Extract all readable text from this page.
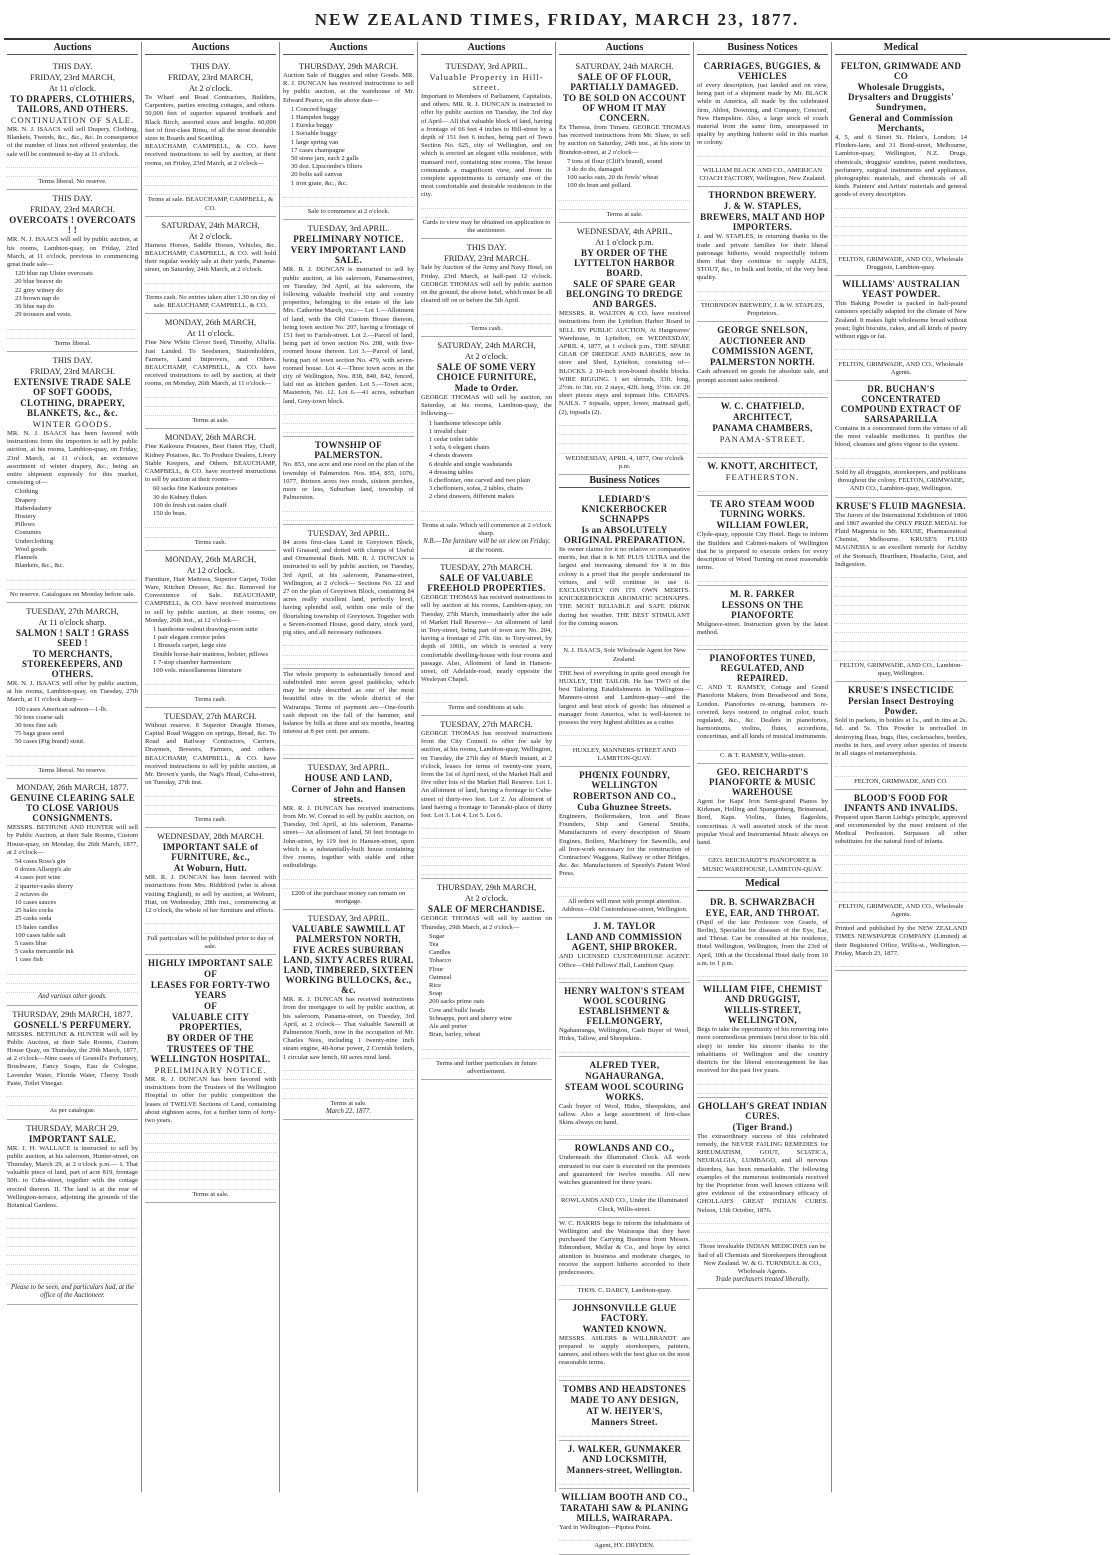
NEW ZEALAND TIMES, FRIDAY, MARCH 23, 1877.
Auctions
THIS DAY.
FRIDAY, 23rd MARCH,
At 11 o'clock.
TO DRAPERS, CLOTHIERS, TAILORS, AND OTHERS.
CONTINUATION OF SALE.

MR. N. J. ISAACS will sell Drapery, Clothing, Blankets, Tweeds, &c., &c., &c. In consequence of the number of lines not offered yesterday, the sale will be continued to-day at 11 o'clock.

Terms liberal. No reserve.
THIS DAY.
FRIDAY, 23rd MARCH.
OVERCOATS ! OVERCOATS ! !

MR. N. J. ISAACS will sell by public auction, at his rooms, Lambton-quay, on Friday, 23rd March, at 11 o'clock, previous to commencing great trade sale—

120 blue rap Ulster overcoats
20 blue beaver do
22 grey witney do
23 brown nap do
36 blue nap do
29 trousers and vests.
Terms liberal.
THIS DAY.
FRIDAY, 23rd MARCH.
EXTENSIVE TRADE SALE OF SOFT GOODS,
CLOTHING, DRAPERY, BLANKETS, &c., &c.
WINTER GOODS.

MR. N. J. ISAACS has been favored with instructions from the importers to sell by public auction, at his rooms, Lambton-quay, on Friday, 23rd March, at 11 o'clock, an extensive assortment of winter drapery, &c., being an entire shipment expressly for this market, consisting of—

Clothing
Drapery
Haberdashery
Hosiery
Pillows
Costumes
Underclothing
Wool goods
Flannels
Blankets, &c., &c.
No reserve. Catalogues on Monday before sale.
TUESDAY, 27th MARCH,
At 11 o'clock sharp.
SALMON ! SALT ! GRASS SEED !
TO MERCHANTS, STOREKEEPERS, AND OTHERS.

MR. N. J. ISAACS will offer by public auction, at his rooms, Lambton-quay, on Tuesday, 27th March, at 11 o'clock sharp—

100 cases American salmon—1-lb.
50 tons coarse salt
30 tons fine salt
75 bags grass seed
50 cases (Pig brand) stout.
Terms liberal. No reserve.
MONDAY, 26th MARCH, 1877.
GENUINE CLEARING SALE TO CLOSE VARIOUS CONSIGNMENTS.

MESSRS. BETHUNE AND HUNTER will sell by Public Auction, at their Sale Rooms, Custom House-quay, on Monday, the 26th March, 1877, at 2 o'clock—

54 cases Ross's gin
6 dozen Allsopp's ale
4 cases port wine
2 quarter-casks sherry
2 octaves do
10 cases sauces
25 bales cocks
25 casks soda
15 bales candles
100 cases table salt
5 cases blue
5 casks mercantile ink
1 case fish
And various other goods.
THURSDAY, 29th MARCH, 1877.
GOSNELL'S PERFUMERY.

MESSRS. BETHUNE & HUNTER will sell by Public Auction, at their Sale Rooms, Custom House Quay, on Thursday, the 29th March, 1877, at 2 o'clock—Nine cases of Gosnell's Perfumery, Brushware, Fancy Soaps, Eau de Cologne, Lavender Water, Florida Water, Cherry Tooth Paste, Toilet Vinegar.

As per catalogue.
THURSDAY, MARCH 29.
IMPORTANT SALE.

MR. J. H. WALLACE is instructed to sell by public auction, at his saleroom, Hunter-street, on Thursday, March 29, at 2 o'clock p.m.— I. That valuable piece of land, part of acre 819, frontage 50ft. to Cuba-street, together with the cottage erected thereon. II. The land is at the rear of Wellington-terrace, adjoining the grounds of the Botanical Gardens.

Please to be seen, and particulars had, at the office of the Auctioneer.
Auctions
THIS DAY.
FRIDAY, 23rd MARCH,
At 2 o'clock.

To Wharf and Road Contractors, Builders, Carpenters, parties erecting cottages, and others. 50,000 feet of superior squared ironbark and Black Birch, assorted sizes and lengths. 60,000 feet of first-class Rimu, of all the most desirable sizes in Boards and Scantling.

BEAUCHAMP, CAMPBELL, & CO. have received instructions to sell by auction, at their rooms, on Friday, 23rd March, at 2 o'clock—

Terms at sale. BEAUCHAMP, CAMPBELL, & CO.
SATURDAY, 24th MARCH,
At 2 o'clock.

Harness Horses, Saddle Horses, Vehicles, &c. BEAUCHAMP, CAMPBELL, & CO. will hold their regular weekly sale at their yards, Panama-street, on Saturday, 24th March, at 2 o'clock.

Terms cash. No entries taken after 1.30 on day of sale. BEAUCHAMP, CAMPBELL, & CO.
MONDAY, 26th MARCH,
At 11 o'clock.

Fine New White Clover Seed, Timothy, Alfalfa. Just Landed. To Seedsmen, Stationholders, Farmers, Land Improvers, and Others. BEAUCHAMP, CAMPBELL, & CO. have received instructions to sell by auction, at their rooms, on Monday, 26th March, at 11 o'clock—

Terms at sale.
MONDAY, 26th MARCH.

Fine Kaikoura Potatoes, Best Oaten Hay, Chaff, Kidney Potatoes, &c. To Produce Dealers, Livery Stable Keepers, and Others. BEAUCHAMP, CAMPBELL, & CO. have received instructions to sell by auction at their rooms—

60 sacks fine Kaikoura potatoes
30 do Kidney flukes
100 do fresh cut oaten chaff
150 do bran.
Terms cash.
MONDAY, 26th MARCH,
At 12 o'clock.

Furniture, Hair Mattress, Superior Carpet, Toilet Ware, Kitchen Dresser, &c. &c. Removed for Convenience of Sale. BEAUCHAMP, CAMPBELL, & CO. have received instructions to sell by public auction, at their rooms, on Monday, 26th inst., at 12 o'clock—

1 handsome walnut drawing-room suite
1 pair elegant cornice poles
1 Brussels carpet, large size
Double horse-hair mattress, bolster, pillows
1 7-stop chamber harmonium
100 vols. miscellaneous literature
Terms cash.
TUESDAY, 27th MARCH.

Without reserve. 8 Superior Draught Horses, Capital Road Waggon on springs, Bread, &c. To Road and Railway Contractors, Carriers, Draymen, Brewers, Farmers, and others. BEAUCHAMP, CAMPBELL, & CO. have received instructions to sell by public auction, at Mr. Brown's yards, the Nag's Head, Cuba-street, on Tuesday, 27th inst.

Terms cash.
WEDNESDAY, 28th MARCH.
IMPORTANT SALE of FURNITURE, &c.,
At Woburn, Hutt.

MR. R. J. DUNCAN has been favored with instructions from Mrs. Riddiford (who is about visiting England), to sell by auction, at Woburn, Hutt, on Wednesday, 28th inst., commencing at 12 o'clock, the whole of her furniture and effects.

Full particulars will be published prior to day of sale.
HIGHLY IMPORTANT SALE
OF
LEASES FOR FORTY-TWO YEARS
OF
VALUABLE CITY PROPERTIES,
BY ORDER OF THE
TRUSTEES OF THE WELLINGTON HOSPITAL.
PRELIMINARY NOTICE.

MR. R. J. DUNCAN has been favored with instructions from the Trustees of the Wellington Hospital to offer for public competition the leases of TWELVE Sections of Land, containing about eighteen acres, for a further term of forty-two years.

Terms at sale.
Auctions
THURSDAY, 29th MARCH.

Auction Sale of Buggies and other Goods. MR. R. J. DUNCAN has received instructions to sell by public auction, at the warehouse of Mr. Edward Pearce, on the above date—

1 Concord buggy
1 Hampden buggy
1 Eureka buggy
1 Sociable buggy
1 large spring van
17 cases champagne
50 stone jars, each 2 galls
30 doz. Lipscombe's filters
20 bolts sail canvas
1 iron grate, &c., &c.
Sale to commence at 2 o'clock.
TUESDAY, 3rd APRIL.
PRELIMINARY NOTICE.
VERY IMPORTANT LAND SALE.

MR. R. J. DUNCAN is instructed to sell by public auction, at his saleroom, Panama-street, on Tuesday, 3rd April, at his saleroom, the following valuable freehold city and country properties, belonging to the estate of the late Mrs. Catherine March, viz.:— Lot 1.—Allotment of land, with the Old Custom House thereon, being town section No. 207, having a frontage of 151 feet to Farish-street. Lot 2.—Parcel of land, being part of town section No. 208, with five-roomed house thereon. Lot 3.—Parcel of land, being part of town section No. 479, with seven-roomed house. Lot 4.—Three town acres in the city of Wellington, Nos. 838, 840, 842, fenced, laid out as kitchen garden. Lot 5.—Town acre, Masterton, No. 12. Lot 6.—41 acres, suburban land, Grey-town block.

TOWNSHIP OF PALMERSTON.

No. 853, one acre and one rood on the plan of the township of Palmerston. Nos. 854, 855, 1076, 1077, thirteen acres two roods, sixteen perches, more or less, Suburban land, township of Palmerston.

TUESDAY, 3rd APRIL.

84 acres first-class Land in Greytown Block, well Grassed, and dotted with clumps of Useful and Ornamental Bush. MR. R. J. DUNCAN is instructed to sell by public auction, on Tuesday, 3rd April, at his saleroom, Panama-street, Wellington, at 2 o'clock— Sections No. 22 and 27 on the plan of Greytown Block, containing 84 acres really excellent land, perfectly level, having splendid soil, within one mile of the flourishing township of Greytown. Together with a Seven-roomed House, good dairy, stock yard, pig sties, and all necessary outhouses.

The whole property is substantially fenced and subdivided into seven good paddocks, which may be truly described as one of the most beautiful sites in the whole district of the Wairarapa. Terms of payment are—One-fourth cash deposit on the fall of the hammer, and balance by bills at three and six months, bearing interest at 8 per cent. per annum.

TUESDAY, 3rd APRIL.
HOUSE AND LAND,
Corner of John and Hansen streets.

MR. R. J. DUNCAN has received instructions from Mr. W. Conrad to sell by public auction, on Tuesday, 3rd April, at his saleroom, Panama-street— An allotment of land, 50 feet frontage to John-street, by 119 feet to Hansen-street, upon which is a substantially-built house containing five rooms, together with stable and other outbuildings.

£200 of the purchase money can remain on mortgage.
TUESDAY, 3rd APRIL.
VALUABLE SAWMILL AT PALMERSTON NORTH,
FIVE ACRES SUBURBAN LAND, SIXTY ACRES RURAL LAND, TIMBERED, SIXTEEN WORKING BULLOCKS, &c., &c.

MR. R. J. DUNCAN has received instructions from the mortgagee to sell by public auction, at his saleroom, Panama-street, on Tuesday, 3rd April, at 2 o'clock— That valuable Sawmill at Palmerston North, now in the occupation of Mr. Charles Nees, including 1 twenty-nine inch steam engine, 40-horse power, 2 Cornish boilers, 1 circular saw bench, 60 acres rural land.

Terms at sale.
March 22, 1877.
Auctions
TUESDAY, 3rd APRIL.
Valuable Property in Hill-street.

Important to Members of Parliament, Capitalists, and others. MR. R. J. DUNCAN is instructed to offer by public auction on Tuesday, the 3rd day of April— All that valuable block of land, having a frontage of 66 feet 4 inches to Hill-street by a depth of 151 feet 6 inches, being part of Town Section No. 625, city of Wellington, and on which is erected an elegant villa residence, with mansard roof, containing nine rooms. The house commands a magnificent view, and from its complete appointments is certainly one of the most comfortable and desirable residences in the city.

Cards to view may be obtained on application to the auctioneer.
THIS DAY.
FRIDAY, 23rd MARCH.

Sale by Auction of the Army and Navy Hotel, on Friday, 23rd March, at half-past 12 o'clock. GEORGE THOMAS will sell by public auction on the ground, the above hotel, which must be all cleared off on or before the 5th April.

Terms cash.
SATURDAY, 24th MARCH,
At 2 o'clock.
SALE OF SOME VERY CHOICE FURNITURE,
Made to Order.

GEORGE THOMAS will sell by auction, on Saturday, at his rooms, Lambton-quay, the following—

1 handsome telescope table
1 invalid chair
1 cedar toilet table
1 sofa, 6 elegant chairs
4 chests drawers
6 double and single washstands
4 dressing tables
6 cheffonier, one carved and two plain
3 cheffoniers, sofas, 2 tables, chairs
2 chest drawers, different makes
Terms at sale. Which will commence at 2 o'clock sharp.
N.B.—The furniture will be on view on Friday, at the rooms.
TUESDAY, 27th MARCH.
SALE OF VALUABLE FREEHOLD PROPERTIES.

GEORGE THOMAS has received instructions to sell by auction at his rooms, Lambton-quay, on Tuesday, 27th March, immediately after the sale of Market Hall Reserve— An allotment of land in Tory-street, being part of town acre No. 204, having a frontage of 27ft. 6in. to Tory-street, by depth of 100ft., on which is erected a very comfortable dwelling-house with four rooms and passage. Also, Allotment of land in Hanson-street, off Adelaide-road, nearly opposite the Wesleyan Chapel.

Terms and conditions at sale.
TUESDAY, 27th MARCH.

GEORGE THOMAS has received instructions from the City Council to offer for sale by auction, at his rooms, Lambton-quay, Wellington, on Tuesday, the 27th day of March instant, at 2 o'clock, leases for terms of twenty-one years, from the 1st of April next, of the Market Hall and five other lots of the Market Hall Reserve. Lot 1. An allotment of land, having a frontage to Cuba-street of thirty-two feet. Lot 2. An allotment of land having a frontage to Taranaki-place of thirty feet. Lot 3. Lot 4. Lot 5. Lot 6.

THURSDAY, 29th MARCH,
At 2 o'clock.
SALE OF MERCHANDISE.

GEORGE THOMAS will sell by auction on Thursday, 29th March, at 2 o'clock—

Sugar
Tea
Candles
Tobacco
Flour
Oatmeal
Rice
Soap
200 sacks prime oats
Cow and bulls' heads
Schnapps, port and sherry wine
Ale and porter
Bran, barley, wheat
Terms and further particulars in future advertisement.
Auctions
SATURDAY, 24th MARCH.
SALE OF OF FLOUR, PARTIALLY DAMAGED.
TO BE SOLD ON ACCOUNT OF WHOM IT MAY CONCERN.

Ex Theresa, from Timaru. GEORGE THOMAS has received instructions from Mr. Shaw, to sell by auction on Saturday, 24th inst., at his store in Brandon-street, at 2 o'clock—

7 tons of flour (Cliff's brand), sound
3 do do do, damaged
100 sacks oats, 20 do fowls' wheat
100 do bran and pollard.
Terms at sale.
WEDNESDAY, 4th APRIL,
At 1 o'clock p.m.
BY ORDER OF THE LYTTELTON HARBOR BOARD.
SALE OF SPARE GEAR BELONGING TO DREDGE AND BARGES.

MESSRS. R. WALTON & CO. have received instructions from the Lyttelton Harbor Board to SELL BY PUBLIC AUCTION, At Hargreaves' Warehouse, in Lyttelton, on WEDNESDAY, APRIL 4, 1877, at 1 o'clock p.m., THE SPARE GEAR OF DREDGE AND BARGES, now in store and Shed, Lyttelton, consisting of— BLOCKS. 2 10-inch iron-bound double blocks. WIRE RIGGING. 1 set shrouds, 33ft. long, 2½in. to 3in. cir. 2 stays, 42ft. long, 3½in. cir. 20 short pieces stays and topmast lifts. CHAINS. NAILS. 7 topsails, upper, lower, mainsail gaff, (2), topsails (2).

WEDNESDAY, APRIL 4, 1877, One o'clock p.m.
Business Notices
LEDIARD'S KNICKERBOCKER SCHNAPPS
Is an ABSOLUTELY ORIGINAL PREPARATION.

Its owner claims for it no relative or comparative merits, but that it is NE PLUS ULTRA and the largest and increasing demand for it in this colony is a proof that the people understand its virtues, and will continue to use it. EXCLUSIVELY ON ITS OWN MERITS. KNICKERBOCKER AROMATIC SCHNAPPS. THE MOST RELIABLE and SAFE DRINK during hot weather. THE BEST STIMULANT for the coming season.

N. J. ISAACS, Sole Wholesale Agent for New Zealand.

THE best of everything in quite good enough for HUXLEY, THE TAILOR. He has TWO of the best Tailoring Establishments in Wellington—Manners-street and Lambton-quay—and the largest and best stock of goods; has obtained a manager from America, who is well-known to possess the very highest abilities as a cutter.

HUXLEY, MANNERS-STREET AND LAMBTON-QUAY.
PHŒNIX FOUNDRY, WELLINGTON
ROBERTSON AND CO.,
Cuba Ghuznee Streets.

Engineers, Boilermakers, Iron and Brass Founders, Ship and General Smiths, Manufacturers of every description of Steam Engines, Boilers, Machinery for Sawmills, and all Iron-work necessary for the construction of Contractors' Waggons, Railway or other Bridges, &c. &c. Manufacturers of Speedy's Patent Wool Press.

All orders will meet with prompt attention. Address—Old Customhouse-street, Wellington.
J. M. TAYLOR
LAND AND COMMISSION AGENT, SHIP BROKER.

AND LICENSED CUSTOMHOUSE AGENT. Office—Odd Fellows' Hall, Lambton Quay.

HENRY WALTON'S STEAM WOOL SCOURING ESTABLISHMENT & FELLMONGERY,

Ngahauranga, Wellington, Cash Buyer of Wool, Hides, Tallow, and Sheepskins.

ALFRED TYER,
NGAHAURANGA,
STEAM WOOL SCOURING WORKS.

Cash buyer of Wool, Hides, Sheepskins, and tallow. Also a large assortment of first-class Skins always on hand.

ROWLANDS AND CO.,

Underneath the Illuminated Clock. All work entrusted to our care is executed on the premises and guaranteed for twelve months. All new watches guaranteed for three years.

ROWLANDS AND CO., Under the Illuminated Clock, Willis-street.

W. C. HARRIS begs to inform the inhabitants of Wellington and the Wairarapa that they have purchased the Carrying Business from Messrs. Edmondson, Mellar & Co., and hope by strict attention to business and moderate charges, to receive the support hitherto accorded to their predecessors.

THOS. C. DARCY, Lambton-quay.
JOHNSONVILLE GLUE FACTORY.
WANTED KNOWN.

MESSRS. AHLERS & WILLBRANDT are prepared to supply storekeepers, painters, tanners, and others with the best glue on the most reasonable terms.

TOMBS AND HEADSTONES
MADE TO ANY DESIGN,
AT W. HEIYER'S,
Manners Street.
J. WALKER, GUNMAKER AND LOCKSMITH,
Manners-street, Wellington.
WILLIAM BOOTH AND CO.,
TARATAHI SAW & PLANING MILLS, WAIRARAPA.

Yard in Wellington—Pipitea Point.

Agent, HY. DRYDEN.
Business Notices
CARRIAGES, BUGGIES, & VEHICLES

of every description, just landed and on view, being part of a shipment made by Mr. BLACK while in America, all made by the celebrated firm, Abbot, Downing, and Company, Concord, New Hampshire. Also, a large stock of coach material from the same firm, unsurpassed in quality by anything hitherto sold in this market or colony.

WILLIAM BLACK AND CO., AMERICAN COACH FACTORY, Wellington, New Zealand.
THORNDON BREWERY.
J. & W. STAPLES,
BREWERS, MALT AND HOP IMPORTERS.

J. and W. STAPLES, in returning thanks to the trade and private families for their liberal patronage hitherto, would respectfully inform them that they continue to supply ALES, STOUT, &c., in bulk and bottle, of the very best quality.

THORNDON BREWERY, J. & W. STAPLES, Proprietors.
GEORGE SNELSON,
AUCTIONEER AND COMMISSION AGENT,
PALMERSTON NORTH.

Cash advanced on goods for absolute sale, and prompt account sales rendered.

W. C. CHATFIELD,
ARCHITECT,
PANAMA CHAMBERS,
PANAMA-STREET.
W. KNOTT, ARCHITECT,
FEATHERSTON.
TE ARO STEAM WOOD TURNING WORKS.
WILLIAM FOWLER,

Clyde-quay, opposite City Hotel. Begs to inform the Builders and Cabinet-makers of Wellington that he is prepared to execute orders for every description of Wood Turning on most reasonable terms.

M. R. FARKER
LESSONS ON THE PIANOFORTE

Mulgrave-street. Instruction given by the latest method.

PIANOFORTES TUNED, REGULATED, AND REPAIRED.

C. AND T. RAMSEY, Cottage and Grand Pianoforte Makers, from Broadwood and Sons, London. Pianofortes re-strung, hammers re-covered, keys restored to original color, touch regulated, &c., &c. Dealers in pianofortes, harmoniums, violins, flutes, accordions, concertinas, and all kinds of musical instruments.

C. & T. RAMSEY, Willis-street.
GEO. REICHARDT'S PIANOFORTE & MUSIC WAREHOUSE

Agent for Kaps' Iron Semi-grand Pianos by Kirkman, Holling and Spangenberg, Brinsmead, Bord, Kaps. Violins, flutes, flageolets, concertinas. A well assorted stock of the most popular Vocal and Instrumental Music always on hand.

GEO. REICHARDT'S PIANOFORTE & MUSIC WAREHOUSE, LAMBTON-QUAY.
Medical
DR. B. SCHWARZBACH
EYE, EAR, AND THROAT.

(Pupil of the late Professor von Graefe, of Berlin), Specialist for diseases of the Eye, Ear, and Throat. Can be consulted at his residence, Hotel Wellington, Wellington, from the 23rd of April, 10th at the Occidental Hotel daily from 10 a.m. to 1 p.m.

WILLIAM FIFE, CHEMIST AND DRUGGIST,
WILLIS-STREET, WELLINGTON,

Begs to take the opportunity of his removing into more commodious premises (next door to his old shop) to tender his sincere thanks to the inhabitants of Wellington and the country districts for the liberal encouragement he has received for the past five years.

GHOLLAH'S GREAT INDIAN CURES.
(Tiger Brand.)

The extraordinary success of this celebrated remedy, the NEVER FAILING REMEDIES for RHEUMATISM, GOUT, SCIATICA, NEURALGIA, LUMBAGO, and all nervous disorders, has been remarkable. The following examples of the numerous testimonials received by the Proprietor from well known citizens will give evidence of the extraordinary efficacy of GHOLLAH'S GREAT INDIAN CURES. Nelson, 13th October, 1876.

Those invaluable INDIAN MEDICINES can be had of all Chemists and Storekeepers throughout New Zealand. W. & G. TURNBULL & CO., Wholesale Agents.
Trade purchasers treated liberally.
Medical
FELTON, GRIMWADE AND CO
Wholesale Druggists, Drysalters and Druggists' Sundrymen,
General and Commission Merchants,

4, 5, and 6 Street St. Helen's, London; 14 Flinders-lane, and 31 Bond-street, Melbourne, Lambton-quay, Wellington, N.Z. Drugs, chemicals, druggists' sundries, patent medicines, perfumery, surgical instruments and appliances, photographic materials, and chemicals of all kinds. Painters' and Artists' materials and general goods of every description.

FELTON, GRIMWADE, AND CO., Wholesale Druggists, Lambton-quay.
WILLIAMS' AUSTRALIAN YEAST POWDER.

This Baking Powder is packed in half-pound canisters specially adapted for the climate of New Zealand. It makes light wholesome bread without yeast; light biscuits, cakes, and all kinds of pastry without eggs or fat.

FELTON, GRIMWADE, AND CO., Wholesale Agents.
DR. BUCHAN'S CONCENTRATED COMPOUND EXTRACT OF SARSAPARILLA

Contains in a concentrated form the virtues of all the most valuable medicines. It purifies the blood, cleanses and gives vigour to the system.

Sold by all druggists, storekeepers, and publicans throughout the colony. FELTON, GRIMWADE, AND CO., Lambton-quay, Wellington.
KRUSE'S FLUID MAGNESIA.

The Jurors of the International Exhibition of 1866 and 1867 awarded the ONLY PRIZE MEDAL for Fluid Magnesia to Mr. KRUSE, Pharmaceutical Chemist, Melbourne. KRUSE'S FLUID MAGNESIA is an excellent remedy for Acidity of the Stomach, Heartburn, Headache, Gout, and Indigestion.

FELTON, GRIMWADE, AND CO., Lambton-quay, Wellington.
KRUSE'S INSECTICIDE
Persian Insect Destroying Powder.

Sold in packets, in bottles at 1s., and in tins at 2s. 6d. and 5s. This Powder is unrivalled in destroying fleas, bugs, flies, cockroaches, beetles, moths in furs, and every other species of insects in all stages of metamorphosis.

FELTON, GRIMWADE, AND CO.
BLOOD'S FOOD FOR INFANTS AND INVALIDS.

Prepared upon Baron Liebig's principle, approved and recommended by the most eminent of the Medical Profession. Surpasses all other substitutes for the natural food of infants.

FELTON, GRIMWADE, AND CO., Wholesale Agents.

Printed and published by the NEW ZEALAND TIMES NEWSPAPER COMPANY (Limited) at their Registered Office, Willis-st., Wellington.—Friday, March 23, 1877.
